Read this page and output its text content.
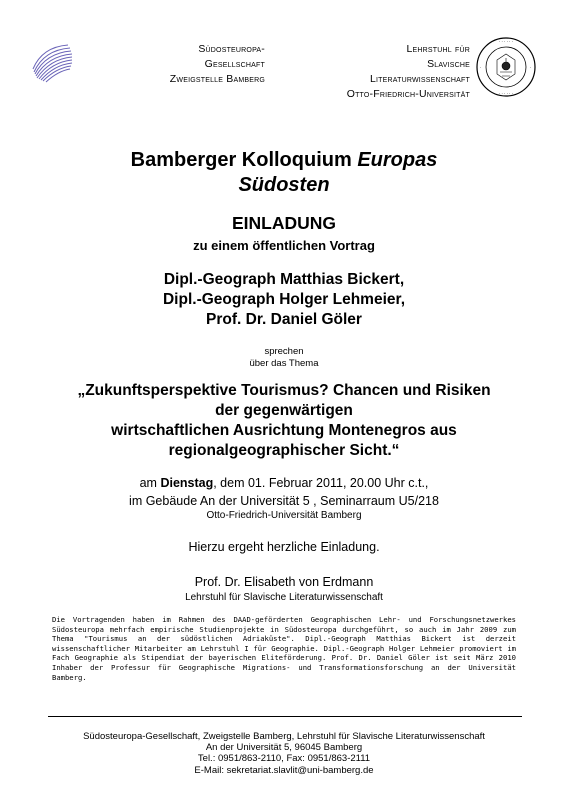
Südosteuropa-
Gesellschaft
Zweigstelle Bamberg
Lehrstuhl für
Slavische
Literaturwissenschaft
Otto-Friedrich-Universität
· · · · · ·
· · · · · ·
·	·
Bamberger Kolloquium Europas
Südosten
EINLADUNG
zu einem öffentlichen Vortrag
Dipl.-Geograph Matthias Bickert,
Dipl.-Geograph Holger Lehmeier,
Prof. Dr. Daniel Göler
sprechen
über das Thema
„Zukunftsperspektive Tourismus? Chancen und Risiken
der gegenwärtigen
wirtschaftlichen Ausrichtung Montenegros aus
regionalgeographischer Sicht.“
am Dienstag, dem 01. Februar 2011, 20.00 Uhr c.t.,
im Gebäude An der Universität 5 , Seminarraum U5/218
Otto-Friedrich-Universität Bamberg
Hierzu ergeht herzliche Einladung.
Prof. Dr. Elisabeth von Erdmann
Lehrstuhl für Slavische Literaturwissenschaft
Die Vortragenden haben im Rahmen des DAAD-geförderten Geographischen Lehr- und Forschungsnetzwerkes Südosteuropa mehrfach empirische Studienprojekte in Südosteuropa durchgeführt, so auch im Jahr 2009 zum Thema "Tourismus an der südöstlichen Adriaküste". Dipl.-Geograph Matthias Bickert ist derzeit wissenschaftlicher Mitarbeiter am Lehrstuhl I für Geographie. Dipl.-Geograph Holger Lehmeier promoviert im Fach Geographie als Stipendiat der bayerischen Eliteförderung. Prof. Dr. Daniel Göler ist seit März 2010 Inhaber der Professur für Geographische Migrations- und Transformationsforschung an der Universität Bamberg.
Südosteuropa-Gesellschaft, Zweigstelle Bamberg, Lehrstuhl für Slavische Literaturwissenschaft
An der Universität 5, 96045 Bamberg
Tel.: 0951/863-2110, Fax: 0951/863-2111
E-Mail: sekretariat.slavlit@uni-bamberg.de
